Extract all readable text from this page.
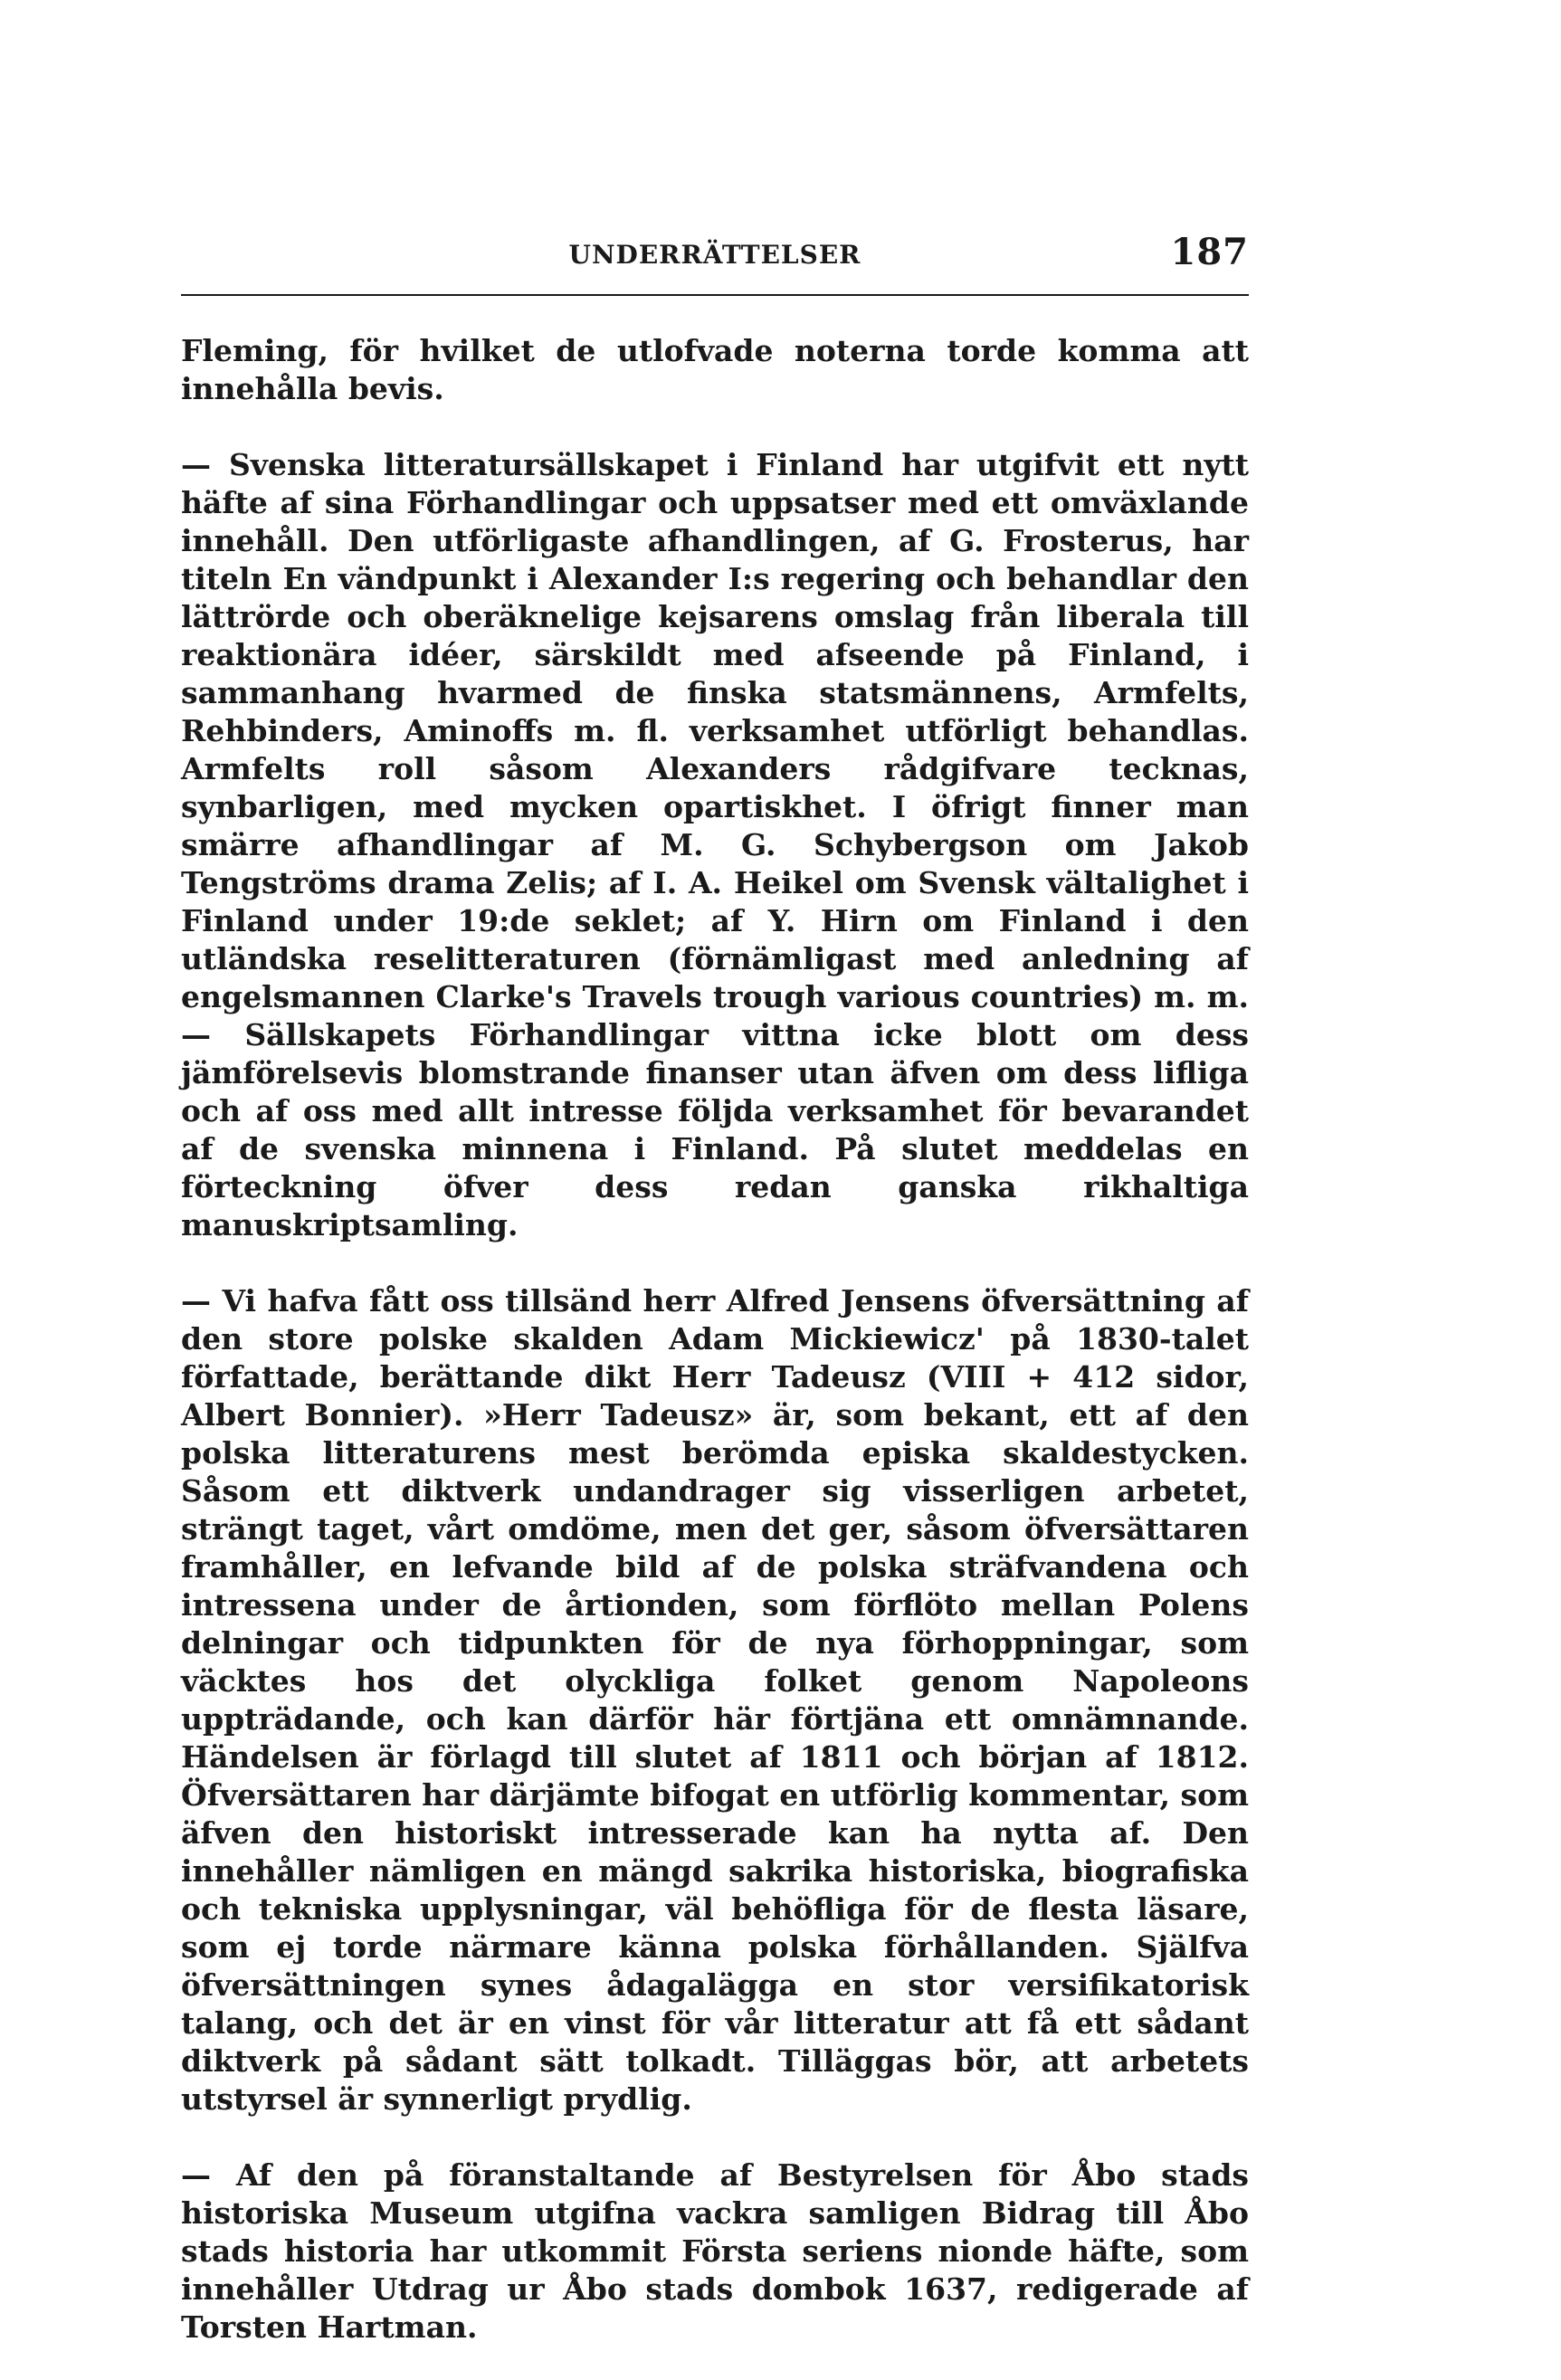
UNDERRÄTTELSER	187

Fleming, för hvilket de utlofvade noterna torde komma att innehålla bevis.

— Svenska litteratursällskapet i Finland har utgifvit ett nytt häfte af sina Förhandlingar och uppsatser med ett omväxlande innehåll. Den utförligaste afhandlingen, af G. Frosterus, har titeln En vändpunkt i Alexander I:s regering och behandlar den lättrörde och oberäknelige kejsarens omslag från liberala till reaktionära idéer, särskildt med afseende på Finland, i sammanhang hvarmed de finska statsmännens, Armfelts, Rehbinders, Aminoffs m. fl. verksamhet utförligt behandlas. Armfelts roll såsom Alexanders rådgifvare tecknas, synbarligen, med mycken opartiskhet. I öfrigt finner man smärre afhandlingar af M. G. Schybergson om Jakob Tengströms drama Zelis; af I. A. Heikel om Svensk vältalighet i Finland under 19:de seklet; af Y. Hirn om Finland i den utländska reselitteraturen (förnämligast med anledning af engelsmannen Clarke's Travels trough various countries) m. m. — Sällskapets Förhandlingar vittna icke blott om dess jämförelsevis blomstrande finanser utan äfven om dess lifliga och af oss med allt intresse följda verksamhet för bevarandet af de svenska minnena i Finland. På slutet meddelas en förteckning öfver dess redan ganska rikhaltiga manuskriptsamling.

— Vi hafva fått oss tillsänd herr Alfred Jensens öfversättning af den store polske skalden Adam Mickiewicz' på 1830-talet författade, berättande dikt Herr Tadeusz (VIII + 412 sidor, Albert Bonnier). »Herr Tadeusz» är, som bekant, ett af den polska litteraturens mest berömda episka skaldestycken. Såsom ett diktverk undandrager sig visserligen arbetet, strängt taget, vårt omdöme, men det ger, såsom öfversättaren framhåller, en lefvande bild af de polska sträfvandena och intressena under de årtionden, som förflöto mellan Polens delningar och tidpunkten för de nya förhoppningar, som väcktes hos det olyckliga folket genom Napoleons uppträdande, och kan därför här förtjäna ett omnämnande. Händelsen är förlagd till slutet af 1811 och början af 1812. Öfversättaren har därjämte bifogat en utförlig kommentar, som äfven den historiskt intresserade kan ha nytta af. Den innehåller nämligen en mängd sakrika historiska, biografiska och tekniska upplysningar, väl behöfliga för de flesta läsare, som ej torde närmare känna polska förhållanden. Själfva öfversättningen synes ådagalägga en stor versifikatorisk talang, och det är en vinst för vår litteratur att få ett sådant diktverk på sådant sätt tolkadt. Tilläggas bör, att arbetets utstyrsel är synnerligt prydlig.

— Af den på föranstaltande af Bestyrelsen för Åbo stads historiska Museum utgifna vackra samligen Bidrag till Åbo stads historia har utkommit Första seriens nionde häfte, som innehåller Utdrag ur Åbo stads dombok 1637, redigerade af Torsten Hartman.
